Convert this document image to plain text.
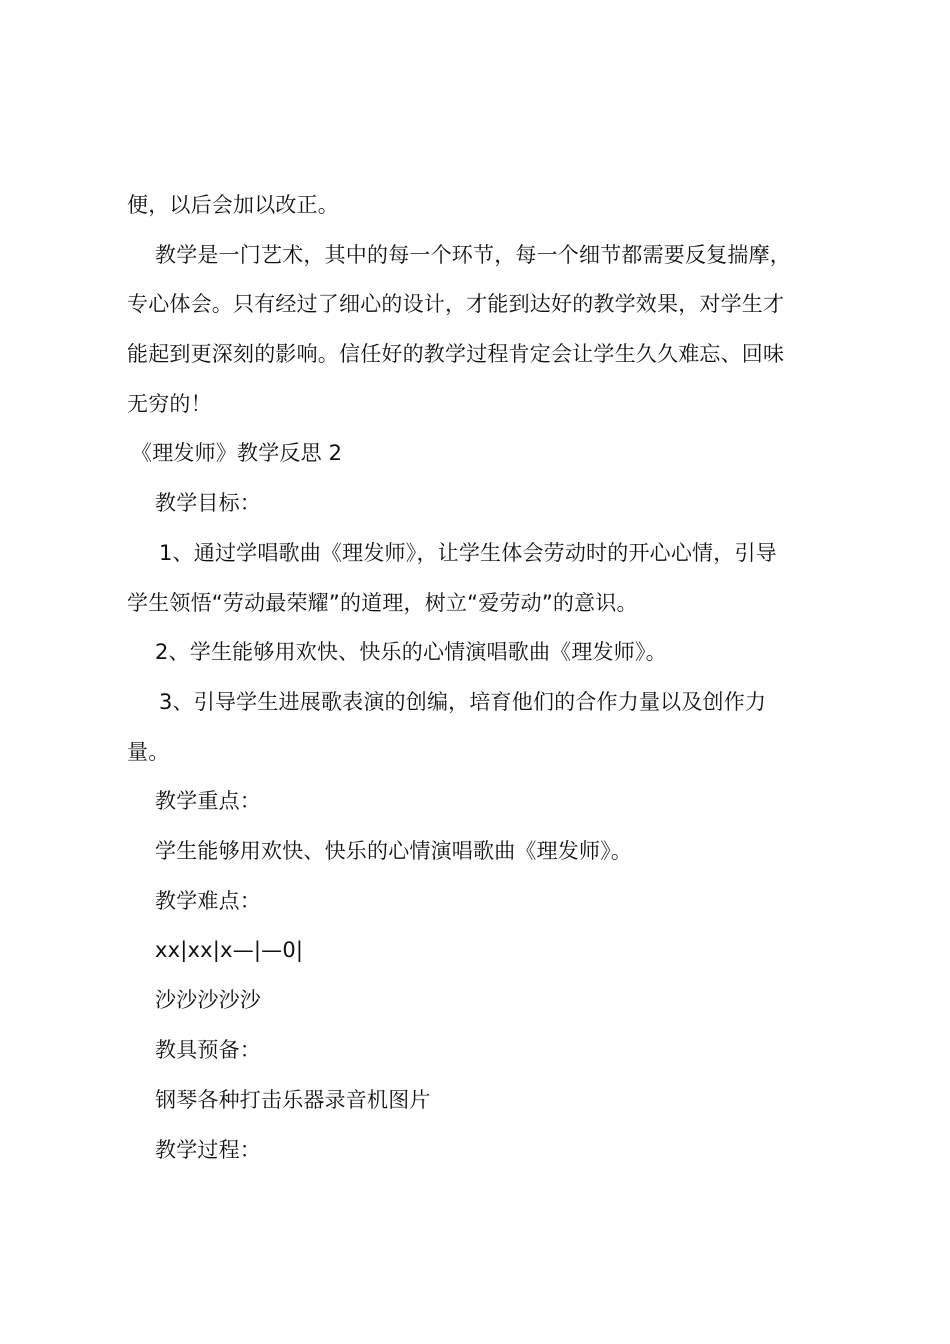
便，以后会加以改正。
教学是一门艺术，其中的每一个环节，每一个细节都需要反复揣摩，
专心体会。只有经过了细心的设计，才能到达好的教学效果，对学生才
能起到更深刻的影响。信任好的教学过程肯定会让学生久久难忘、回味
无穷的！
《理发师》教学反思 2
教学目标：
1、通过学唱歌曲《理发师》，让学生体会劳动时的开心心情，引导
学生领悟“劳动最荣耀”的道理，树立“爱劳动”的意识。
2、学生能够用欢快、快乐的心情演唱歌曲《理发师》。
3、引导学生进展歌表演的创编，培育他们的合作力量以及创作力
量。
教学重点：
学生能够用欢快、快乐的心情演唱歌曲《理发师》。
教学难点：
xx|xx|x—|—0|
沙沙沙沙沙
教具预备：
钢琴各种打击乐器录音机图片
教学过程：
